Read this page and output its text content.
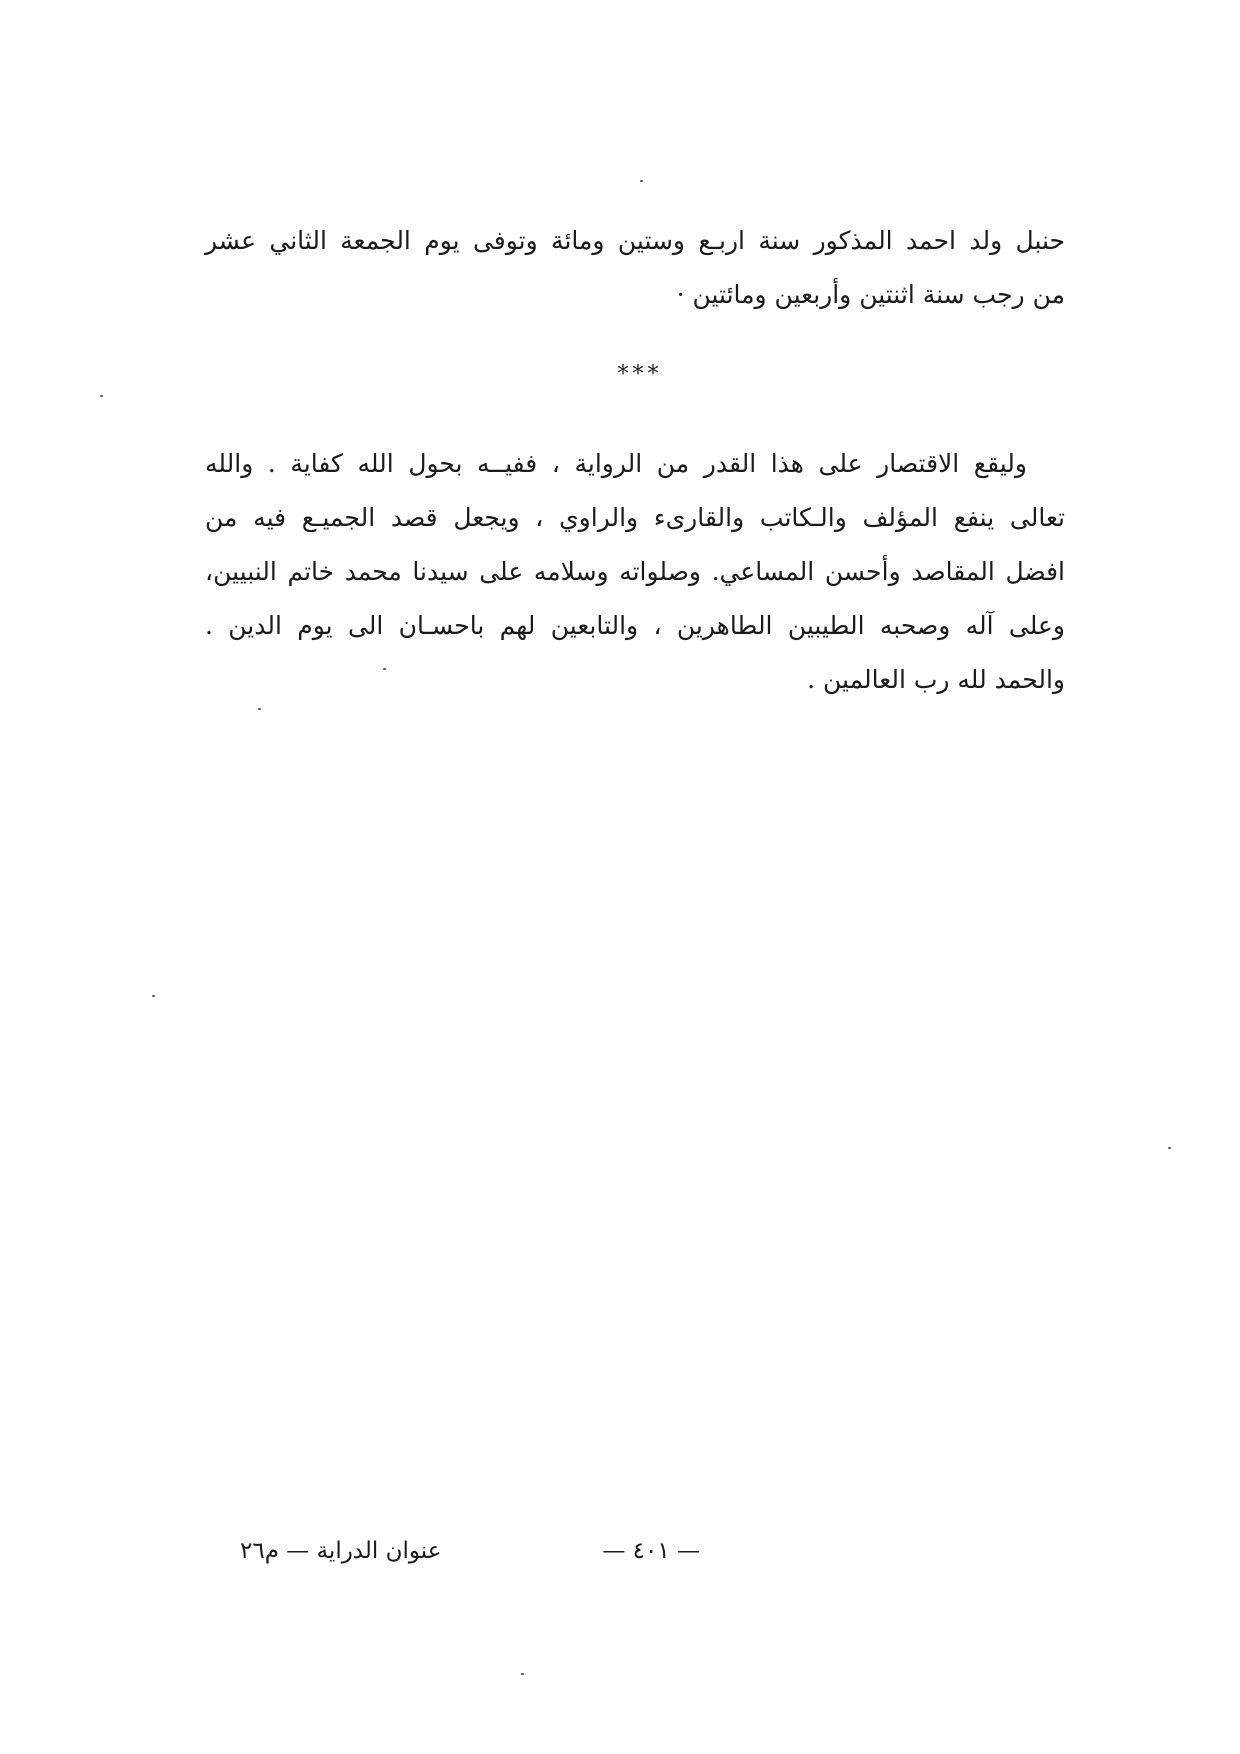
حنبل ولد احمد المذكور سنة اربـع وستين ومائة وتوفى يوم الجمعة الثاني عشر
من رجب سنة اثنتين وأربعين ومائتين ·

***

وليقع الاقتصار على هذا القدر من الرواية ، ففيــه بحول الله كفاية . والله
تعالى ينفع المؤلف والـكاتب والقارىء والراوي ، ويجعل قصد الجميـع فيه من
افضل المقاصد وأحسن المساعي. وصلواته وسلامه على سيدنا محمد خاتم النبيين،
وعلى آله وصحبه الطيبين الطاهرين ، والتابعين لهم باحسـان الى يوم الدين .
والحمد لله رب العالمين .

— ٤٠١ —
عنوان الدراية — م٢٦
